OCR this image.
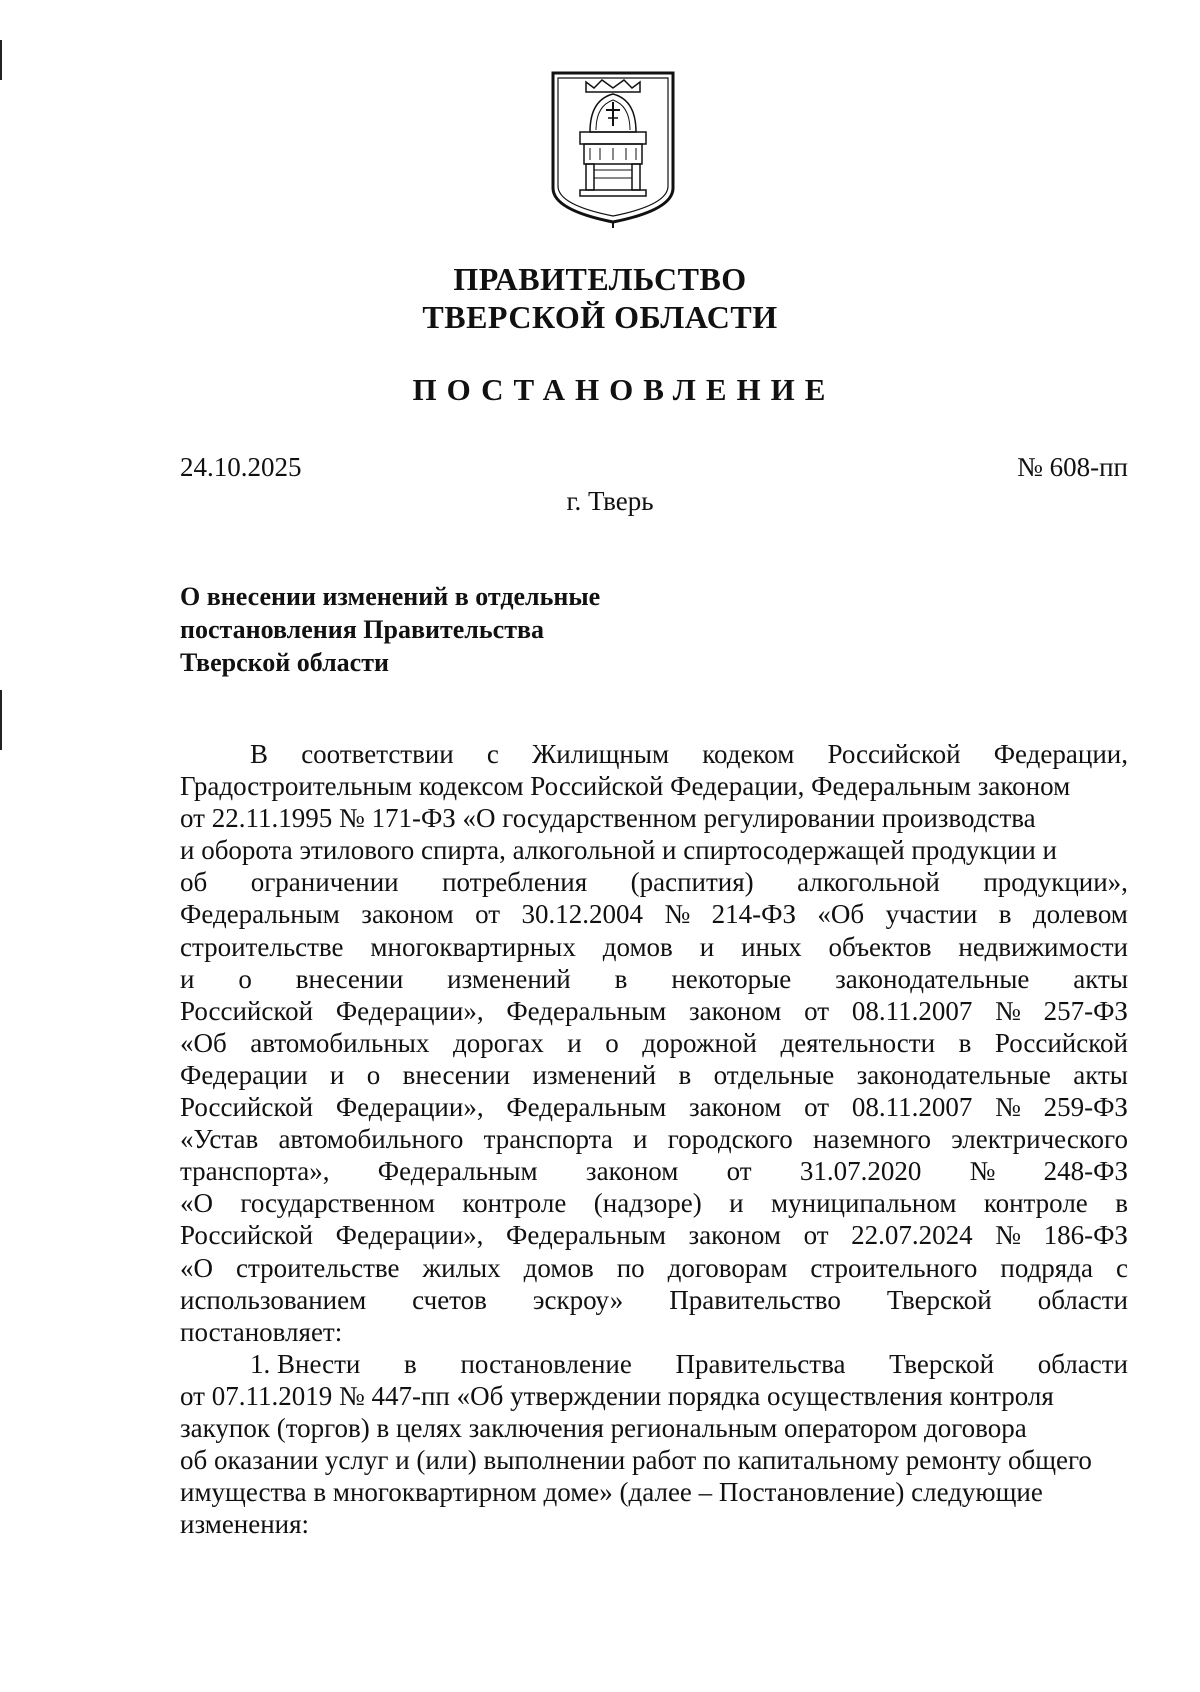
ПРАВИТЕЛЬСТВО
ТВЕРСКОЙ ОБЛАСТИ
ПОСТАНОВЛЕНИЕ
24.10.2025	№ 608-пп
г. Тверь
О внесении изменений в отдельные
постановления Правительства
Тверской области
В соответствии с Жилищным кодеком Российской Федерации,
Градостроительным кодексом Российской Федерации, Федеральным законом
от 22.11.1995 № 171-ФЗ «О государственном регулировании производства
и оборота этилового спирта, алкогольной и спиртосодержащей продукции и
об ограничении потребления (распития) алкогольной продукции»,
Федеральным законом от 30.12.2004 № 214-ФЗ «Об участии в долевом
строительстве многоквартирных домов и иных объектов недвижимости
и о внесении изменений в некоторые законодательные акты
Российской Федерации», Федеральным законом от 08.11.2007 № 257-ФЗ
«Об автомобильных дорогах и о дорожной деятельности в Российской
Федерации и о внесении изменений в отдельные законодательные акты
Российской Федерации», Федеральным законом от 08.11.2007 № 259-ФЗ
«Устав автомобильного транспорта и городского наземного электрического
транспорта», Федеральным законом от 31.07.2020 № 248-ФЗ
«О государственном контроле (надзоре) и муниципальном контроле в
Российской Федерации», Федеральным законом от 22.07.2024 № 186-ФЗ
«О строительстве жилых домов по договорам строительного подряда с
использованием счетов эскроу» Правительство Тверской области
постановляет:
1. Внести в постановление Правительства Тверской области
от 07.11.2019 № 447-пп «Об утверждении порядка осуществления контроля
закупок (торгов) в целях заключения региональным оператором договора
об оказании услуг и (или) выполнении работ по капитальному ремонту общего
имущества в многоквартирном доме» (далее – Постановление) следующие
изменения:
